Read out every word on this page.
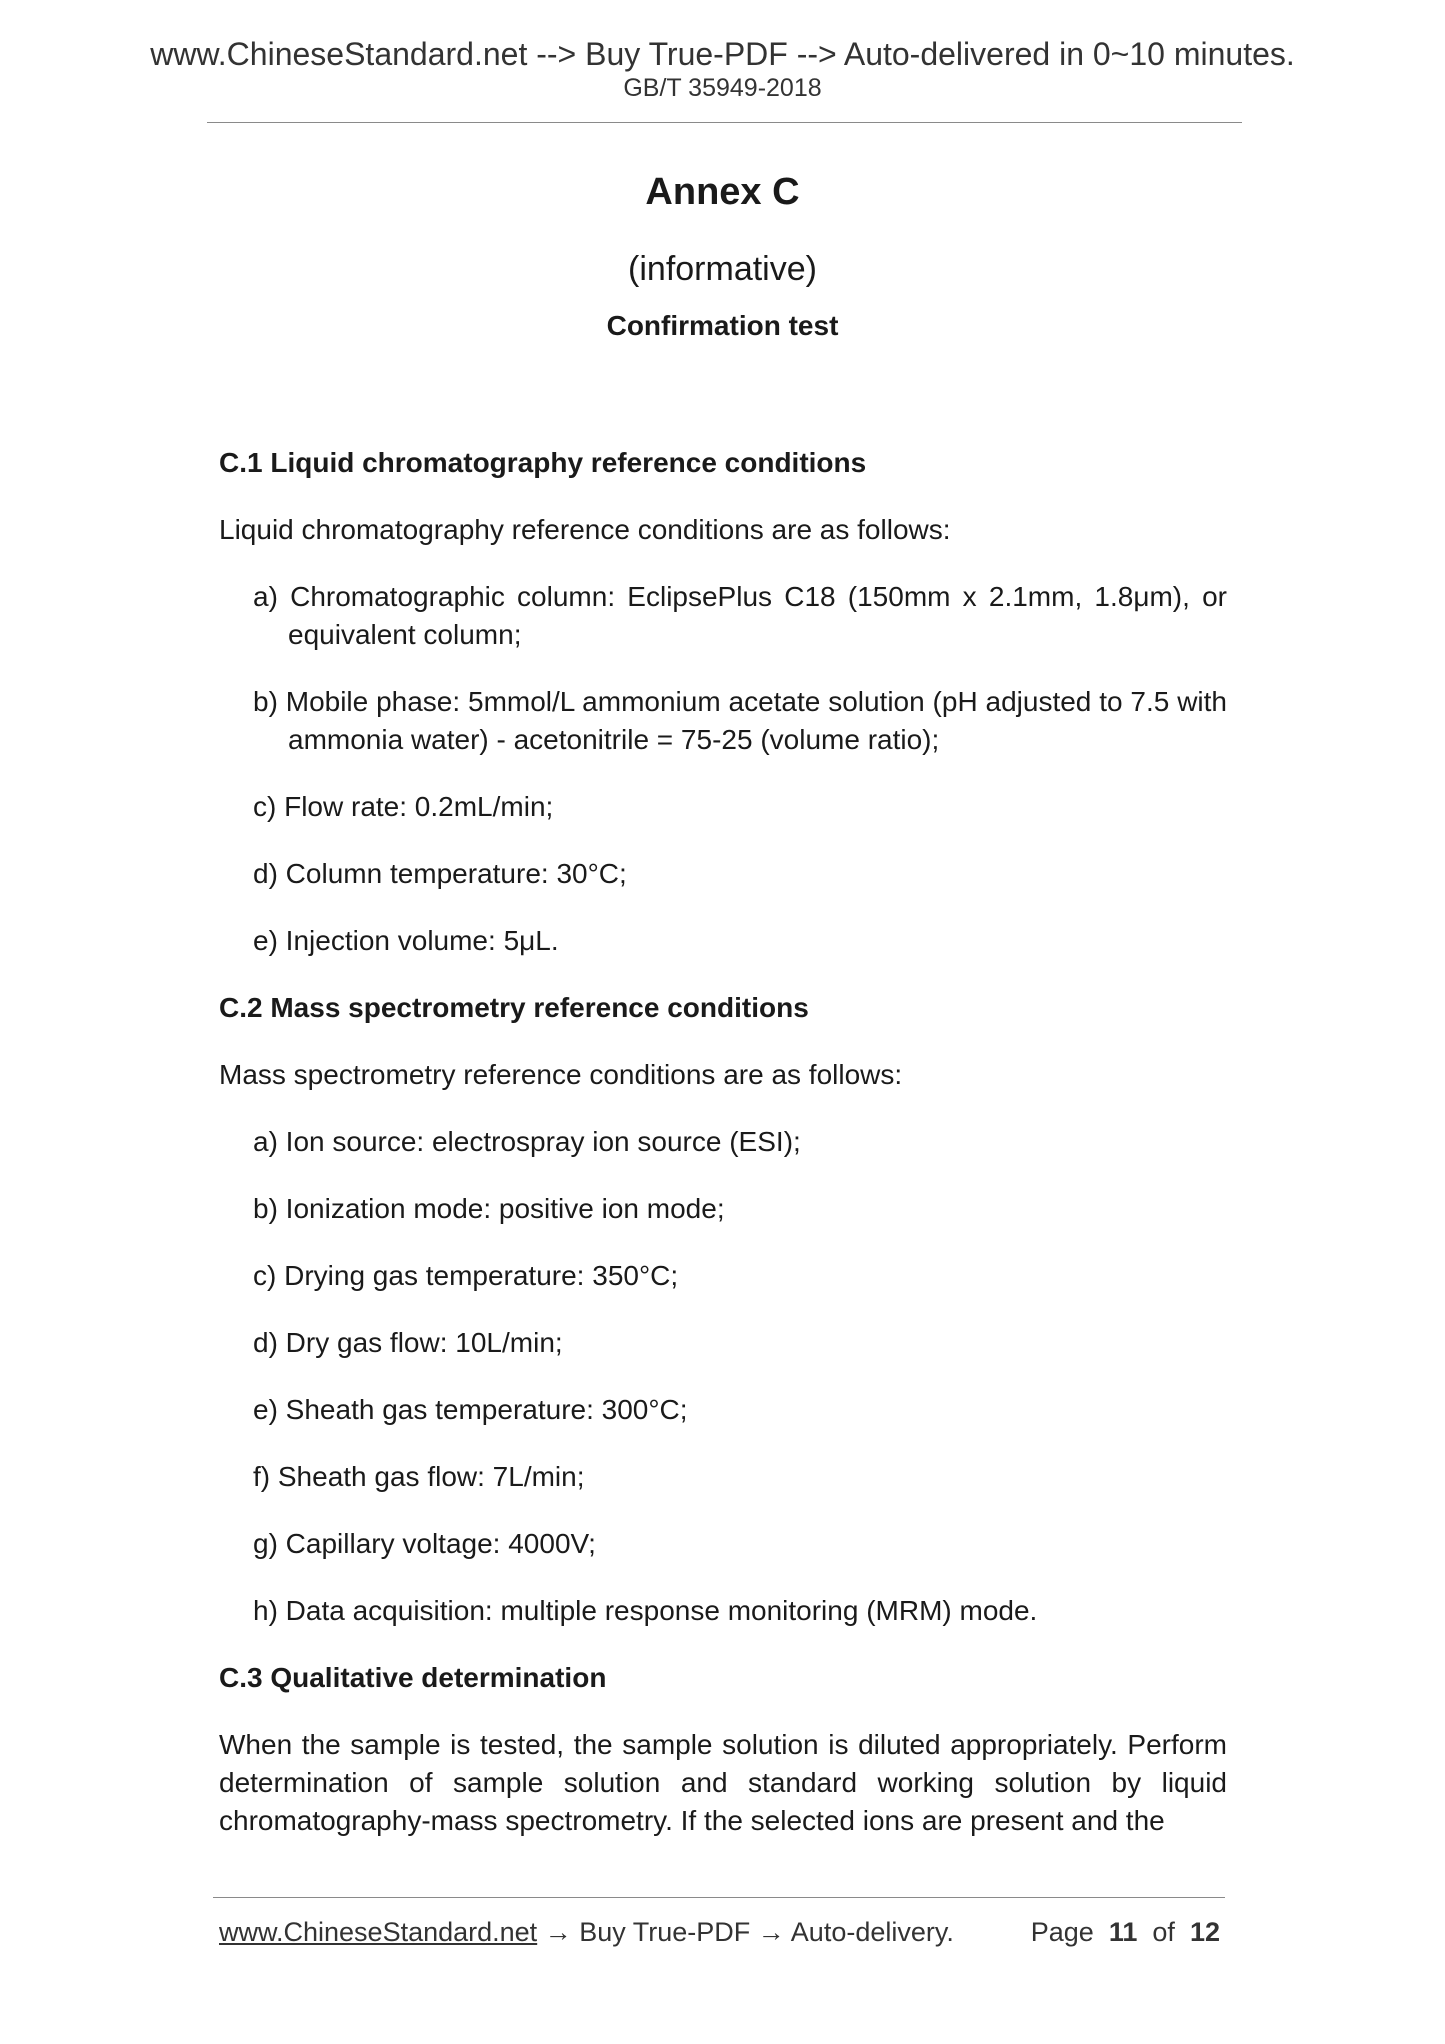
www.ChineseStandard.net --> Buy True-PDF --> Auto-delivered in 0~10 minutes.
GB/T 35949-2018
Annex C
(informative)
Confirmation test
C.1 Liquid chromatography reference conditions

Liquid chromatography reference conditions are as follows:

a) Chromatographic column: EclipsePlus C18 (150mm x 2.1mm, 1.8μm), or equivalent column;
b) Mobile phase: 5mmol/L ammonium acetate solution (pH adjusted to 7.5 with ammonia water) - acetonitrile = 75-25 (volume ratio);
c) Flow rate: 0.2mL/min;
d) Column temperature: 30°C;
e) Injection volume: 5μL.
C.2 Mass spectrometry reference conditions

Mass spectrometry reference conditions are as follows:

a) Ion source: electrospray ion source (ESI);
b) Ionization mode: positive ion mode;
c) Drying gas temperature: 350°C;
d) Dry gas flow: 10L/min;
e) Sheath gas temperature: 300°C;
f) Sheath gas flow: 7L/min;
g) Capillary voltage: 4000V;
h) Data acquisition: multiple response monitoring (MRM) mode.
C.3 Qualitative determination

When the sample is tested, the sample solution is diluted appropriately. Perform determination of sample solution and standard working solution by liquid chromatography-mass spectrometry. If the selected ions are present and the

www.ChineseStandard.net → Buy True-PDF → Auto-delivery.	Page 11 of 12
